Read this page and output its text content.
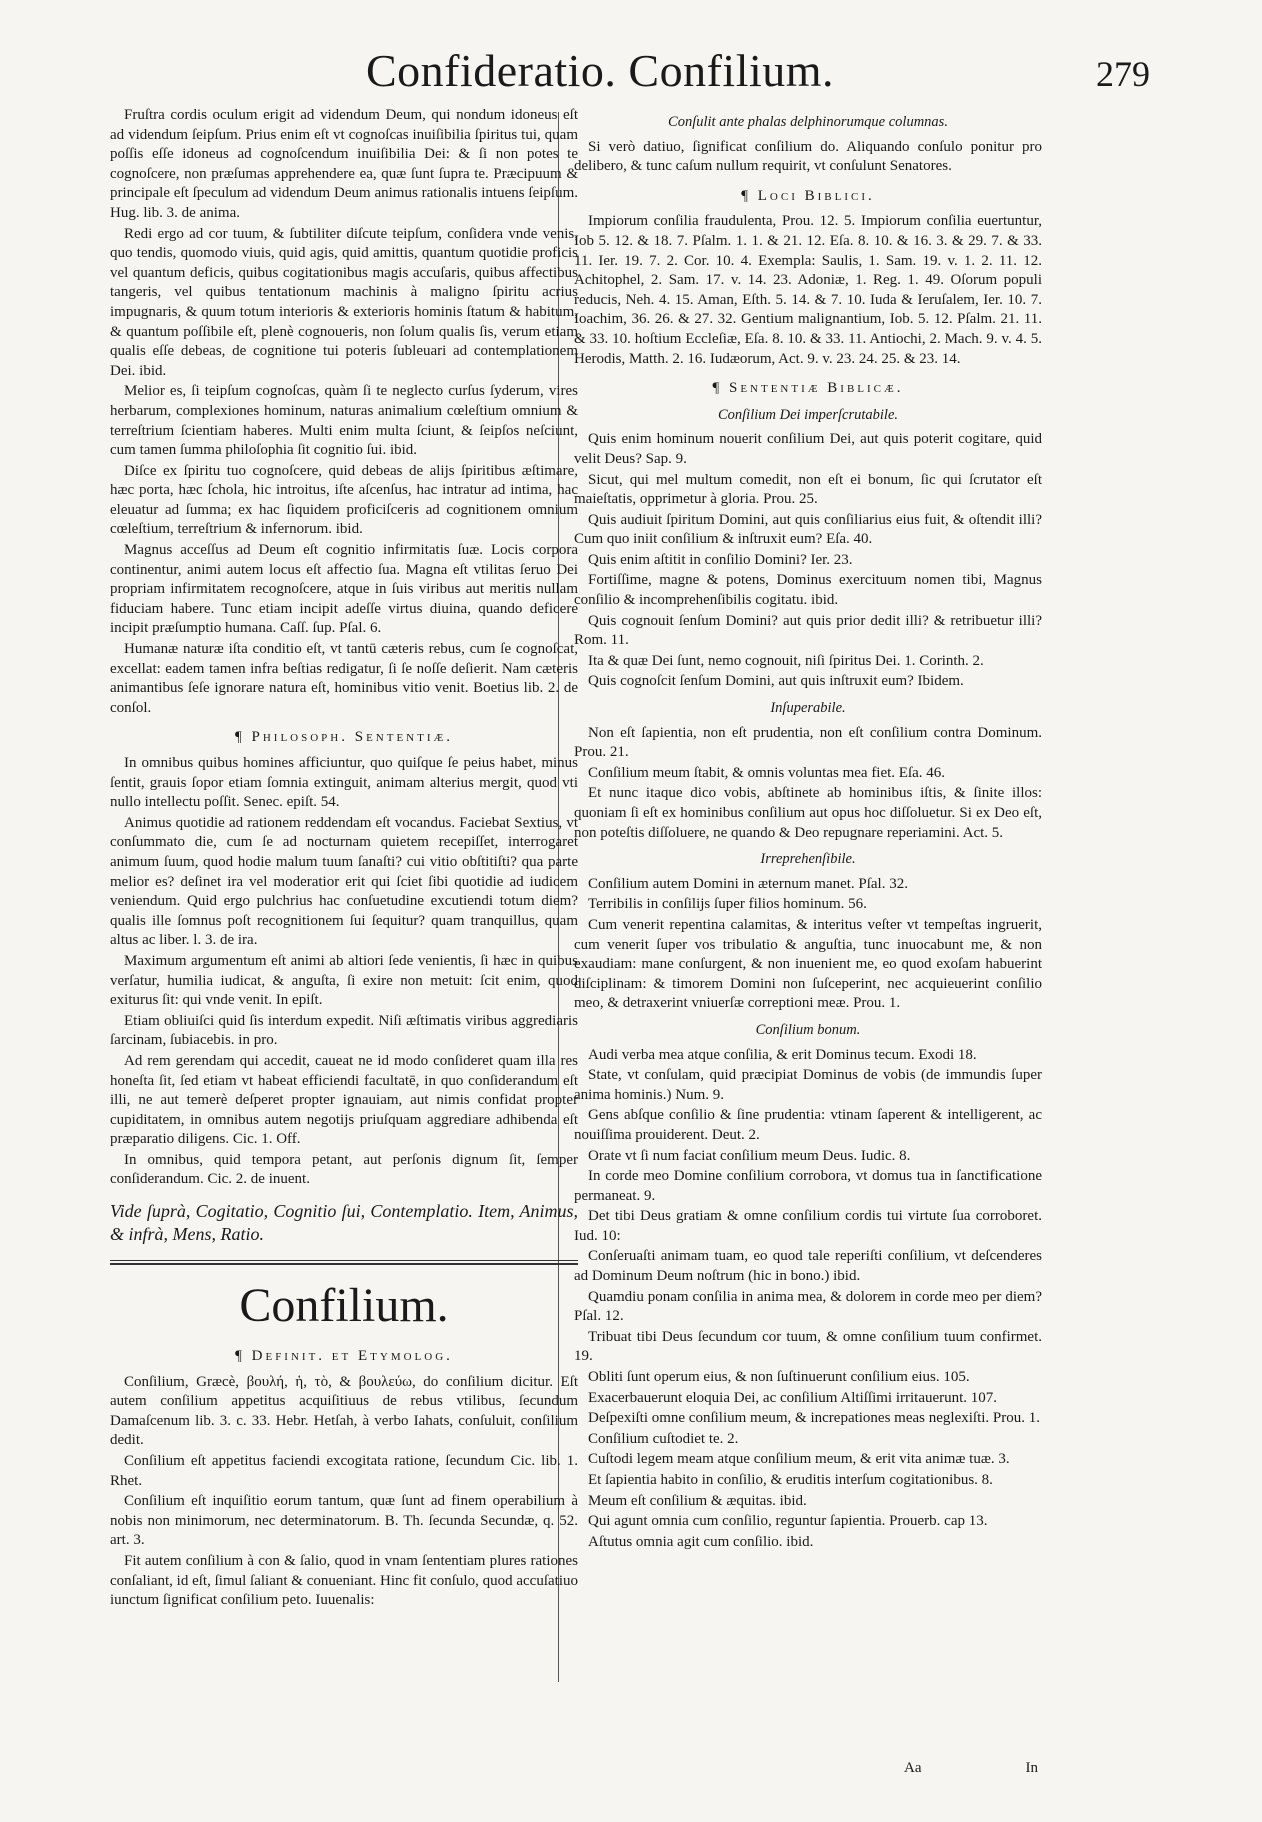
Confideratio. Confilium.	279

Fruſtra cordis oculum erigit ad videndum Deum, qui nondum idoneus eſt ad videndum ſeipſum. Prius enim eſt vt cognoſcas inuiſibilia ſpiritus tui, quam poſſis eſſe idoneus ad cognoſcendum inuiſibilia Dei: & ſi non potes te cognoſcere, non præſumas apprehendere ea, quæ ſunt ſupra te. Præcipuum & principale eſt ſpeculum ad videndum Deum animus rationalis intuens ſeipſum. Hug. lib. 3. de anima.

Redi ergo ad cor tuum, & ſubtiliter diſcute teipſum, conſidera vnde venis, quo tendis, quomodo viuis, quid agis, quid amittis, quantum quotidie proficis vel quantum deficis, quibus cogitationibus magis accuſaris, quibus affectibus tangeris, vel quibus tentationum machinis à maligno ſpiritu acrius impugnaris, & quum totum interioris & exterioris hominis ſtatum & habitum, & quantum poſſibile eſt, plenè cognoueris, non ſolum qualis ſis, verum etiam qualis eſſe debeas, de cognitione tui poteris ſubleuari ad contemplationem Dei. ibid.

Melior es, ſi teipſum cognoſcas, quàm ſi te neglecto curſus ſyderum, vires herbarum, complexiones hominum, naturas animalium cœleſtium omnium & terreſtrium ſcientiam haberes. Multi enim multa ſciunt, & ſeipſos neſciunt, cum tamen ſumma philoſophia ſit cognitio ſui. ibid.

Diſce ex ſpiritu tuo cognoſcere, quid debeas de alijs ſpiritibus æſtimare, hæc porta, hæc ſchola, hic introitus, iſte aſcenſus, hac intratur ad intima, hac eleuatur ad ſumma; ex hac ſiquidem proficiſceris ad cognitionem omnium cœleſtium, terreſtrium & infernorum. ibid.

Magnus acceſſus ad Deum eſt cognitio infirmitatis ſuæ. Locis corpora continentur, animi autem locus eſt affectio ſua. Magna eſt vtilitas ſeruo Dei propriam infirmitatem recognoſcere, atque in ſuis viribus aut meritis nullam fiduciam habere. Tunc etiam incipit adeſſe virtus diuina, quando deficere incipit præſumptio humana. Caſſ. ſup. Pſal. 6.

Humanæ naturæ iſta conditio eſt, vt tantū cæteris rebus, cum ſe cognoſcat, excellat: eadem tamen infra beſtias redigatur, ſi ſe noſſe deſierit. Nam cæteris animantibus ſeſe ignorare natura eſt, hominibus vitio venit. Boetius lib. 2. de conſol.

¶ Philosoph. Sententiæ.

In omnibus quibus homines afficiuntur, quo quiſque ſe peius habet, minus ſentit, grauis ſopor etiam ſomnia extinguit, animam alterius mergit, quod vti nullo intellectu poſſit. Senec. epiſt. 54.

Animus quotidie ad rationem reddendam eſt vocandus. Faciebat Sextius, vt conſummato die, cum ſe ad nocturnam quietem recepiſſet, interrogaret animum ſuum, quod hodie malum tuum ſanaſti? cui vitio obſtitiſti? qua parte melior es? deſinet ira vel moderatior erit qui ſciet ſibi quotidie ad iudicem veniendum. Quid ergo pulchrius hac conſuetudine excutiendi totum diem? qualis ille ſomnus poſt recognitionem ſui ſequitur? quam tranquillus, quam altus ac liber. l. 3. de ira.

Maximum argumentum eſt animi ab altiori ſede venientis, ſi hæc in quibus verſatur, humilia iudicat, & anguſta, ſi exire non metuit: ſcit enim, quod exiturus ſit: qui vnde venit. In epiſt.

Etiam obliuiſci quid ſis interdum expedit. Niſi æſtimatis viribus aggrediaris ſarcinam, ſubiacebis. in pro.

Ad rem gerendam qui accedit, caueat ne id modo conſideret quam illa res honeſta ſit, ſed etiam vt habeat efficiendi facultatē, in quo conſiderandum eſt illi, ne aut temerè deſperet propter ignauiam, aut nimis confidat propter cupiditatem, in omnibus autem negotijs priuſquam aggrediare adhibenda eſt præparatio diligens. Cic. 1. Off.

In omnibus, quid tempora petant, aut perſonis dignum ſit, ſemper conſiderandum. Cic. 2. de inuent.

Vide ſuprà, Cogitatio, Cognitio ſui, Contemplatio. Item, Animus, & infrà, Mens, Ratio.

Confilium.
¶ Definit. et Etymolog.

Conſilium, Græcè, βουλή, ἡ, τὸ, & βουλεύω, do conſilium dicitur. Eſt autem conſilium appetitus acquiſitiuus de rebus vtilibus, ſecundum Damaſcenum lib. 3. c. 33. Hebr. Hetſah, à verbo Iahats, conſuluit, conſilium dedit.

Conſilium eſt appetitus faciendi excogitata ratione, ſecundum Cic. lib. 1. Rhet.

Conſilium eſt inquiſitio eorum tantum, quæ ſunt ad finem operabilium à nobis non minimorum, nec determinatorum. B. Th. ſecunda Secundæ, q. 52. art. 3.

Fit autem conſilium à con & ſalio, quod in vnam ſententiam plures rationes conſaliant, id eſt, ſimul ſaliant & conueniant. Hinc fit conſulo, quod accuſatiuo iunctum ſignificat conſilium peto. Iuuenalis:

Conſulit ante phalas delphinorumque columnas.

Si verò datiuo, ſignificat conſilium do. Aliquando conſulo ponitur pro delibero, & tunc caſum nullum requirit, vt conſulunt Senatores.

¶ Loci Biblici.

Impiorum conſilia fraudulenta, Prou. 12. 5. Impiorum conſilia euertuntur, Iob 5. 12. & 18. 7. Pſalm. 1. 1. & 21. 12. Eſa. 8. 10. & 16. 3. & 29. 7. & 33. 11. Ier. 19. 7. 2. Cor. 10. 4. Exempla: Saulis, 1. Sam. 19. v. 1. 2. 11. 12. Achitophel, 2. Sam. 17. v. 14. 23. Adoniæ, 1. Reg. 1. 49. Oſorum populi reducis, Neh. 4. 15. Aman, Eſth. 5. 14. & 7. 10. Iuda & Ieruſalem, Ier. 10. 7. Ioachim, 36. 26. & 27. 32. Gentium malignantium, Iob. 5. 12. Pſalm. 21. 11. & 33. 10. hoſtium Eccleſiæ, Eſa. 8. 10. & 33. 11. Antiochi, 2. Mach. 9. v. 4. 5. Herodis, Matth. 2. 16. Iudæorum, Act. 9. v. 23. 24. 25. & 23. 14.

¶ Sententiæ Biblicæ.
Conſilium Dei imperſcrutabile.

Quis enim hominum nouerit conſilium Dei, aut quis poterit cogitare, quid velit Deus? Sap. 9.

Sicut, qui mel multum comedit, non eſt ei bonum, ſic qui ſcrutator eſt maieſtatis, opprimetur à gloria. Prou. 25.

Quis audiuit ſpiritum Domini, aut quis conſiliarius eius fuit, & oſtendit illi? Cum quo iniit conſilium & inſtruxit eum? Eſa. 40.

Quis enim aſtitit in conſilio Domini? Ier. 23.

Fortiſſime, magne & potens, Dominus exercituum nomen tibi, Magnus conſilio & incomprehenſibilis cogitatu. ibid.

Quis cognouit ſenſum Domini? aut quis prior dedit illi? & retribuetur illi? Rom. 11.

Ita & quæ Dei ſunt, nemo cognouit, niſi ſpiritus Dei. 1. Corinth. 2.

Quis cognoſcit ſenſum Domini, aut quis inſtruxit eum? Ibidem.

Inſuperabile.

Non eſt ſapientia, non eſt prudentia, non eſt conſilium contra Dominum. Prou. 21.

Conſilium meum ſtabit, & omnis voluntas mea fiet. Eſa. 46.

Et nunc itaque dico vobis, abſtinete ab hominibus iſtis, & ſinite illos: quoniam ſi eſt ex hominibus conſilium aut opus hoc diſſoluetur. Si ex Deo eſt, non poteſtis diſſoluere, ne quando & Deo repugnare reperiamini. Act. 5.

Irreprehenſibile.

Conſilium autem Domini in æternum manet. Pſal. 32.

Terribilis in conſilijs ſuper filios hominum. 56.

Cum venerit repentina calamitas, & interitus veſter vt tempeſtas ingruerit, cum venerit ſuper vos tribulatio & anguſtia, tunc inuocabunt me, & non exaudiam: mane conſurgent, & non inuenient me, eo quod exoſam habuerint diſciplinam: & timorem Domini non ſuſceperint, nec acquieuerint conſilio meo, & detraxerint vniuerſæ correptioni meæ. Prou. 1.

Conſilium bonum.

Audi verba mea atque conſilia, & erit Dominus tecum. Exodi 18.

State, vt conſulam, quid præcipiat Dominus de vobis (de immundis ſuper anima hominis.) Num. 9.

Gens abſque conſilio & ſine prudentia: vtinam ſaperent & intelligerent, ac nouiſſima prouiderent. Deut. 2.

Orate vt ſi num faciat conſilium meum Deus. Iudic. 8.

In corde meo Domine conſilium corrobora, vt domus tua in ſanctificatione permaneat. 9.

Det tibi Deus gratiam & omne conſilium cordis tui virtute ſua corroboret. Iud. 10:

Conſeruaſti animam tuam, eo quod tale reperiſti conſilium, vt deſcenderes ad Dominum Deum noſtrum (hic in bono.) ibid.

Quamdiu ponam conſilia in anima mea, & dolorem in corde meo per diem? Pſal. 12.

Tribuat tibi Deus ſecundum cor tuum, & omne conſilium tuum confirmet. 19.

Obliti ſunt operum eius, & non ſuſtinuerunt conſilium eius. 105.

Exacerbauerunt eloquia Dei, ac conſilium Altiſſimi irritauerunt. 107.

Deſpexiſti omne conſilium meum, & increpationes meas neglexiſti. Prou. 1.

Conſilium cuſtodiet te. 2.

Cuſtodi legem meam atque conſilium meum, & erit vita animæ tuæ. 3.

Et ſapientia habito in conſilio, & eruditis interſum cogitationibus. 8.

Meum eſt conſilium & æquitas. ibid.

Qui agunt omnia cum conſilio, reguntur ſapientia. Prouerb. cap 13.

Aſtutus omnia agit cum conſilio. ibid.

Aa	In
